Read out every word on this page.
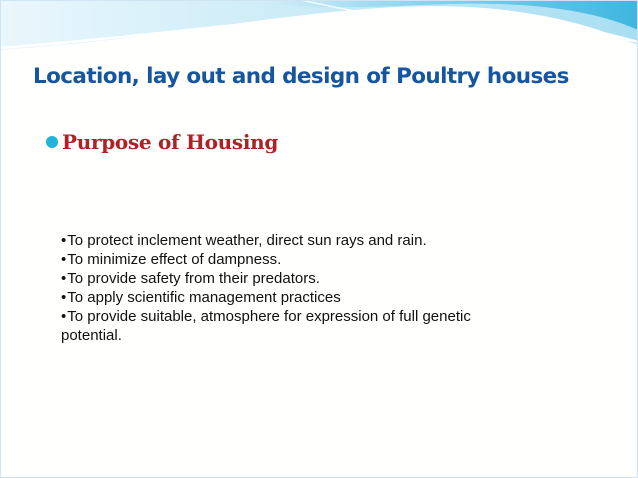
Location, lay out and design of Poultry houses
Purpose of Housing
•To protect inclement weather, direct sun rays and rain.
•To minimize effect of dampness.
•To provide safety from their predators.
•To apply scientific management practices
•To provide suitable, atmosphere for expression of full genetic potential.
